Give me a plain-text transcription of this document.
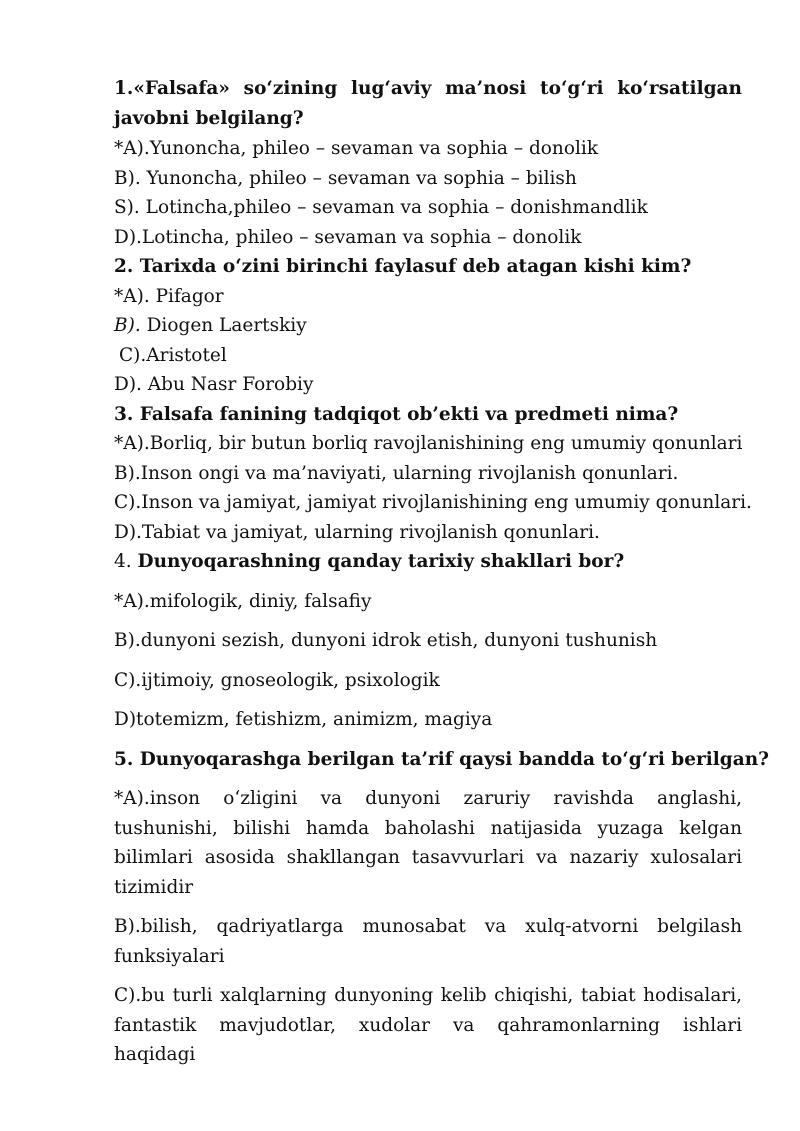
1.«Falsafa» so‘zining lug‘aviy ma’nosi to‘g‘ri ko‘rsatilgan javobni belgilang?

*A).Yunoncha, phileo – sevaman va sophia – donolik

B). Yunoncha, phileo – sevaman va sophia – bilish

S). Lotincha,phileo – sevaman va sophia – donishmandlik

D).Lotincha, phileo – sevaman va sophia – donolik

2. Tarixda o‘zini birinchi faylasuf deb atagan kishi kim?

*A). Pifagor

B). Diogen Laertskiy

C).Aristotel

D). Abu Nasr Forobiy

3. Falsafa fanining tadqiqot ob’ekti va predmeti nima?

*A).Borliq, bir butun borliq ravojlanishining eng umumiy qonunlari

B).Inson ongi va ma’naviyati, ularning rivojlanish qonunlari.

C).Inson va jamiyat, jamiyat rivojlanishining eng umumiy qonunlari.

D).Tabiat va jamiyat, ularning rivojlanish qonunlari.

4. Dunyoqarashning qanday tarixiy shakllari bor?

*A).mifologik, diniy, falsafiy

B).dunyoni sezish, dunyoni idrok etish, dunyoni tushunish

C).ijtimoiy, gnoseologik, psixologik

D)totemizm, fetishizm, animizm, magiya

5. Dunyoqarashga berilgan ta’rif qaysi bandda to‘g‘ri berilgan?

*A).inson o‘zligini va dunyoni zaruriy ravishda anglashi, tushunishi, bilishi hamda baholashi natijasida yuzaga kelgan bilimlari asosida shakllangan tasavvurlari va nazariy xulosalari tizimidir

B).bilish, qadriyatlarga munosabat va xulq-atvorni belgilash funksiyalari

C).bu turli xalqlarning dunyoning kelib chiqishi, tabiat hodisalari, fantastik mavjudotlar, xudolar va qahramonlarning ishlari haqidagi
